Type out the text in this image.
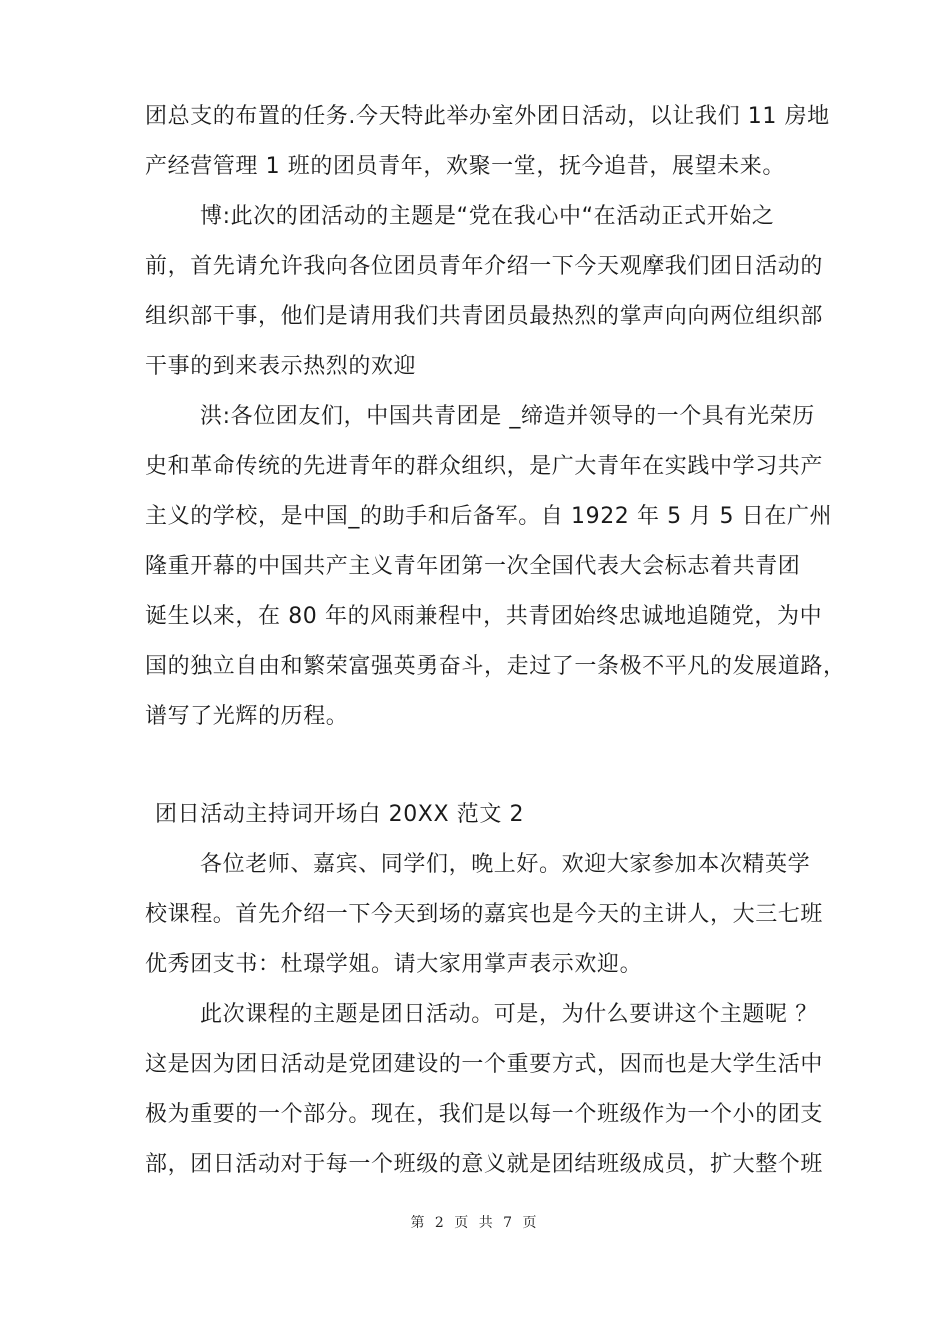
团总支的布置的任务.今天特此举办室外团日活动，以让我们 11 房地
产经营管理 1 班的团员青年，欢聚一堂，抚今追昔，展望未来。
博:此次的团活动的主题是“党在我心中“在活动正式开始之
前，首先请允许我向各位团员青年介绍一下今天观摩我们团日活动的
组织部干事，他们是请用我们共青团员最热烈的掌声向向两位组织部
干事的到来表示热烈的欢迎
洪:各位团友们，中国共青团是 _缔造并领导的一个具有光荣历
史和革命传统的先进青年的群众组织，是广大青年在实践中学习共产
主义的学校，是中国_的助手和后备军。自 1922 年 5 月 5 日在广州
隆重开幕的中国共产主义青年团第一次全国代表大会标志着共青团
诞生以来，在 80 年的风雨兼程中，共青团始终忠诚地追随党，为中
国的独立自由和繁荣富强英勇奋斗，走过了一条极不平凡的发展道路，
谱写了光辉的历程。
团日活动主持词开场白 20XX 范文 2
各位老师、嘉宾、同学们，晚上好。欢迎大家参加本次精英学
校课程。首先介绍一下今天到场的嘉宾也是今天的主讲人，大三七班
优秀团支书：杜璟学姐。请大家用掌声表示欢迎。
此次课程的主题是团日活动。可是，为什么要讲这个主题呢 ？
这是因为团日活动是党团建设的一个重要方式，因而也是大学生活中
极为重要的一个部分。现在，我们是以每一个班级作为一个小的团支
部，团日活动对于每一个班级的意义就是团结班级成员，扩大整个班
第 2 页 共 7 页
